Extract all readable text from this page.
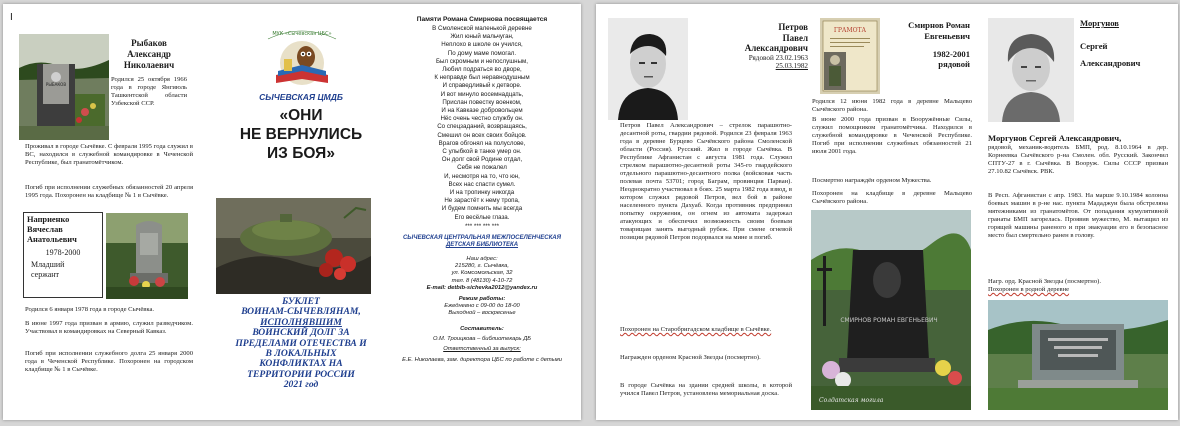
I
РЫБАКОВ
Рыбаков
Александр
Николаевич
Родился 25 октября 1966 года в городе Янгиюль Ташкентской области Узбекской ССР.
Проживал в городе Сычёвке. С февраля 1995 года служил в ВС, находился в служебной командировке в Чеченской Республике, был гранатомётчиком.
Погиб при исполнении служебных обязанностей 20 апреля 1995 года. Похоронен на кладбище № 1 в Сычёвке.
Наприенко
Вячеслав
Анатольевич
1978-2000
Младший
сержант
Родился 6 января 1978 года в городе Сычёвка.
В июне 1997 года призван в армию, служил разведчиком. Участвовал в командировках на Северный Кавказ.
Погиб при исполнении служебного долга 25 января 2000 года в Чеченской Республике. Похоронен на городском кладбище № 1 в Сычёвке.
МУК «Сычёвская ЦБС»
СЫЧЕВСКАЯ ЦМДБ
«ОНИ
НЕ ВЕРНУЛИСЬ
ИЗ БОЯ»
БУКЛЕТ
ВОИНАМ-СЫЧЕВЛЯНАМ,
ИСПОЛНЯВШИМ
ВОИНСКИЙ ДОЛГ ЗА
ПРЕДЕЛАМИ ОТЕЧЕСТВА И
В ЛОКАЛЬНЫХ
КОНФЛИКТАХ НА
ТЕРРИТОРИИ РОССИИ
2021 год
Памяти Романа Смирнова посвящается
В Смоленской маленькой деревне
Жил юный мальчуган,
Неплохо в школе он учился,
По дому маме помогал.
Был скромным и непослушным,
Любил подраться во дворе,
К неправде был неравнодушным
И справедливый к детворе.
И вот минуло восемнадцать,
Прислан повестку военком,
И на Кавказе добровольцем
Нёс очень честно службу он.
Со спецзаданий, возвращаясь,
Смешил он всех своих бойцов.
Врагов обгонял на полуслове,
С улыбкой в танке умер он.
Он долг свой Родине отдал,
Себя не пожалел
И, несмотря на то, что юн,
Всех нас спасти сумел.
И на тропинку никогда
Не зарастёт к нему тропа,
И будем помнить мы всегда
Его весёлые глаза.
*** *** *** ***
СЫЧЕВСКАЯ ЦЕНТРАЛЬНАЯ МЕЖПОСЕЛЕНЧЕСКАЯ
ДЕТСКАЯ БИБЛИОТЕКА
Наш адрес:
215280, г. Сычёвка,
ул. Комсомольская, 32
тел. 8 (48130) 4-10-72
E-mail: detbib-sichevka2012@yandex.ru
Режим работы:
Ежедневно с 09-00 до 18-00
Выходной – воскресенье
Составитель:
О.М. Троицкова – библиотекарь ДБ
Ответственный за выпуск:
Е.Е. Николаева, зам. директора ЦБС по работе с детьми
Петров
Павел
Александрович
Рядовой 23.02.1963
25.03.1982
Петров Павел Александрович – стрелок парашютно-десантной роты, гвардии рядовой. Родился 23 февраля 1963 года в деревне Бурцево Сычёвского района Смоленской области (Россия). Русский. Жил в городе Сычёвка. В Республике Афганистан с августа 1981 года. Служил стрелком парашютно-десантной роты 345-го гвардейского отдельного парашютно-десантного полка (войсковая часть полевая почта 53701; город Баграм, провинция Парван). Неоднократно участвовал в боях. 25 марта 1982 года взвод, в котором служил рядовой Петров, вел бой в районе населенного пункта Дахуаб. Когда противник предпринял попытку окружения, он огнем из автомата задержал атакующих и обеспечил возможность своим боевым товарищам занять выгодный рубеж. При смене огневой позиции рядовой Петров подорвался на мине и погиб.
Похоронен на Старобригадском кладбище в Сычёвке.
Награжден орденом Красной Звезды (посмертно).
В городе Сычёвка на здании средней школы, в которой учился Павел Петров, установлена мемориальная доска.
ГРАМОТА
Смирнов Роман
Евгеньевич
1982-2001
рядовой
Родился 12 июня 1982 года в деревне Мальцево Сычёвского района.
В июне 2000 года призван в Вооружённые Силы, служил помощником гранатомётчика. Находился в служебной командировке в Чеченской Республике. Погиб при исполнении служебных обязанностей 21 июля 2001 года.
Посмертно награждён орденом Мужества.
Похоронен на кладбище в деревне Мальцево Сычёвского района.
СМИРНОВ РОМАН ЕВГЕНЬЕВИЧ
Солдатская могила
Моргунов
Сергей
Александрович
Моргунов Сергей Александрович,
рядовой, механик-водитель БМП, род. 8.10.1964 в дер. Корнеевка Сычёвского р-на Смолен. обл. Русский. Закончил СПТУ-27 в г. Сычёвка. В Вооруж. Силы СССР призван 27.10.82 Сычёвск. РВК.
В Респ. Афганистан с апр. 1983. На марше 9.10.1984 колонна боевых машин в р-не нас. пункта Мададжуи была обстреляна мятежниками из гранатомётов. От попадания кумулятивной гранаты БМП загорелась. Проявив мужество, М. вытащил из горящей машины раненого и при эвакуации его в безопасное место был смертельно ранен в голову.
Нагр. орд. Красной Звезды (посмертно).
Похоронен в родной деревне
